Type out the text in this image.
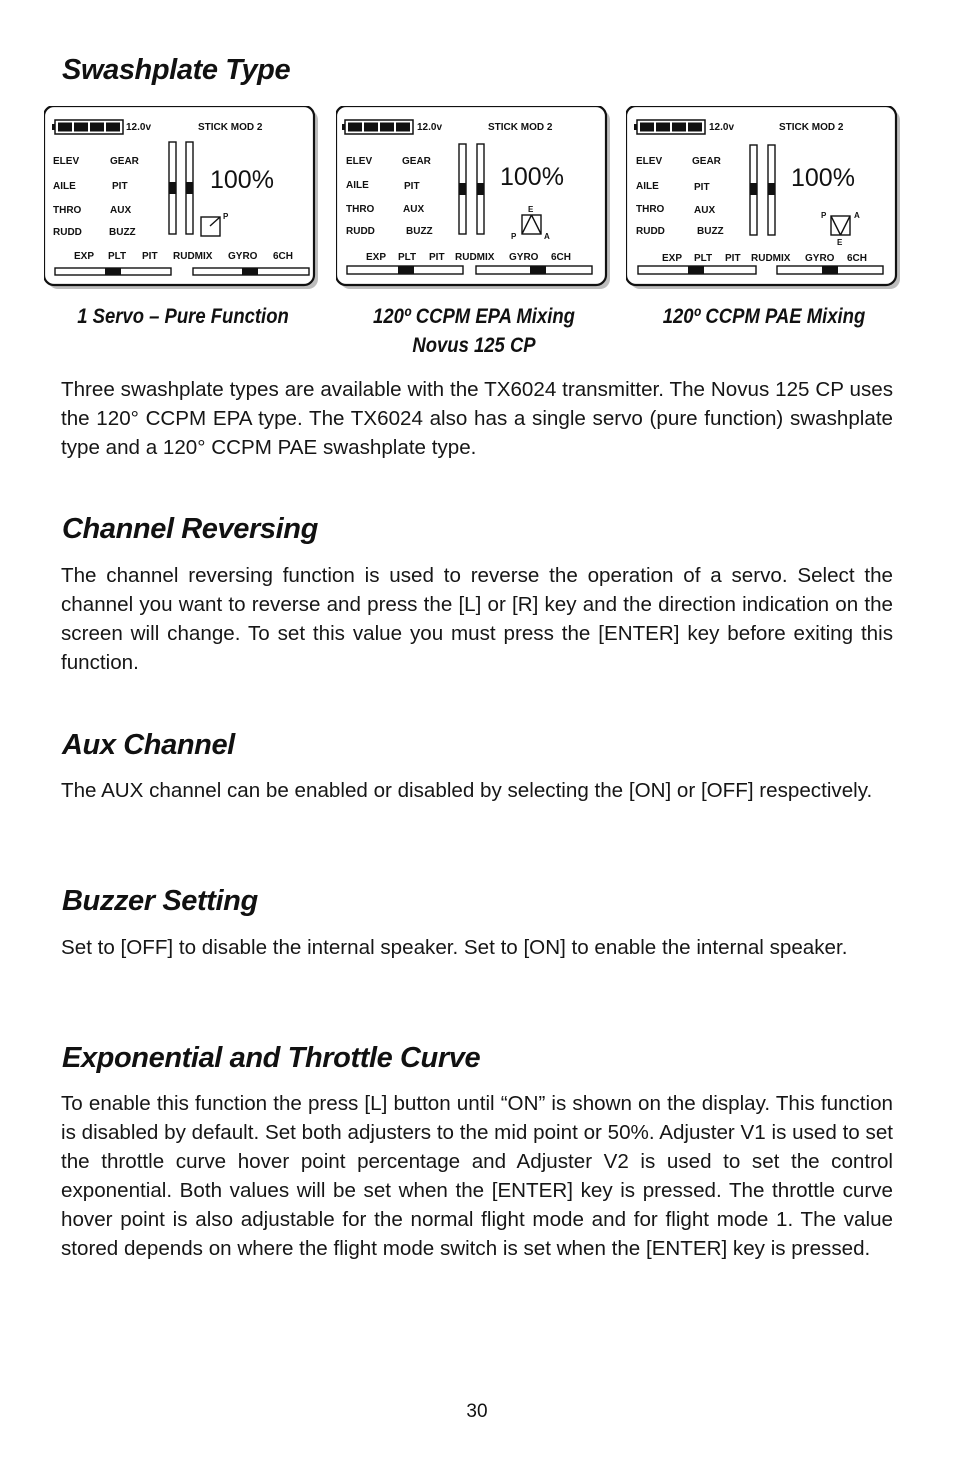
Swashplate Type
12.0v	STICK MOD 2
ELEV
AILE
THRO
RUDD
GEAR
PIT
AUX
BUZZ
100%
P
EXP PLT PIT RUDMIX GYRO 6CH
12.0v	STICK MOD 2
ELEV
AILE
THRO
RUDD
GEAR
PIT
AUX
BUZZ
100%
E
P	A
EXP PLT PIT RUDMIX GYRO 6CH
12.0v	STICK MOD 2
ELEV
AILE
THRO
RUDD
GEAR
PIT
AUX
BUZZ
100%
P	A
E
EXP PLT PIT RUDMIX GYRO 6CH

1 Servo – Pure Function	120º CCPM EPA Mixing
Novus 125 CP

120º CCPM PAE Mixing

Three swashplate types are available with the TX6024 transmitter. The Novus 125 CP uses the 120° CCPM EPA type. The TX6024 also has a single servo (pure function) swashplate type and a 120° CCPM PAE swashplate type.

Channel Reversing

The channel reversing function is used to reverse the operation of a servo. Select the channel you want to reverse and press the [L] or [R] key and the direction indication on the screen will change. To set this value you must press the [ENTER] key before exiting this function.

Aux Channel

The AUX channel can be enabled or disabled by selecting the [ON] or [OFF] respectively.

Buzzer Setting

Set to [OFF] to disable the internal speaker. Set to [ON] to enable the internal speaker.

Exponential and Throttle Curve

To enable this function the press [L] button until “ON” is shown on the display. This function is disabled by default. Set both adjusters to the mid point or 50%. Adjuster V1 is used to set the throttle curve hover point percentage and Adjuster V2 is used to set the control exponential. Both values will be set when the [ENTER] key is pressed. The throttle curve hover point is also adjustable for the normal flight mode and for flight mode 1. The value stored depends on where the flight mode switch is set when the [ENTER] key is pressed.

30
